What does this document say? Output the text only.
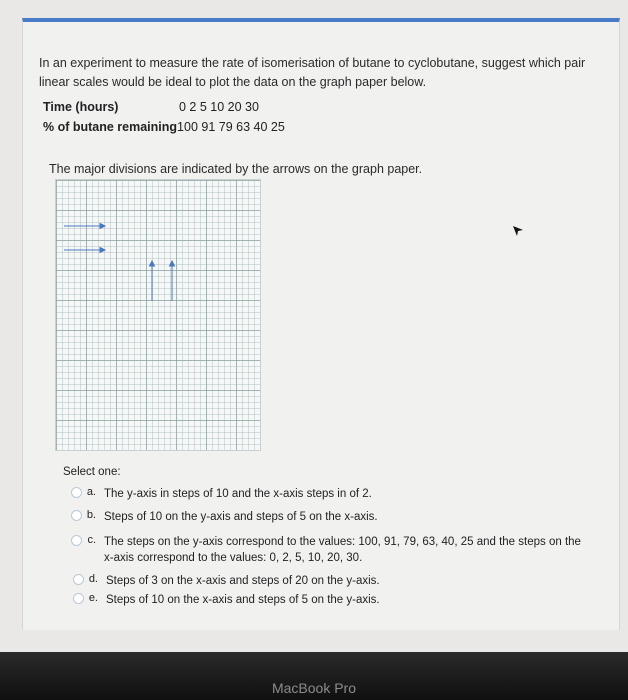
In an experiment to measure the rate of isomerisation of butane to cyclobutane, suggest which pair linear scales would be ideal to plot the data on the graph paper below.
Time (hours)	0 2 5 10 20 30
% of butane remaining100 91 79 63 40 25
The major divisions are indicated by the arrows on the graph paper.
Select one:
a. The y-axis in steps of 10 and the x-axis steps in of 2.
b. Steps of 10 on the y-axis and steps of 5 on the x-axis.
c. The steps on the y-axis correspond to the values: 100, 91, 79, 63, 40, 25 and the steps on the x-axis correspond to the values: 0, 2, 5, 10, 20, 30.
d. Steps of 3 on the x-axis and steps of 20 on the y-axis.
e. Steps of 10 on the x-axis and steps of 5 on the y-axis.
MacBook Pro
